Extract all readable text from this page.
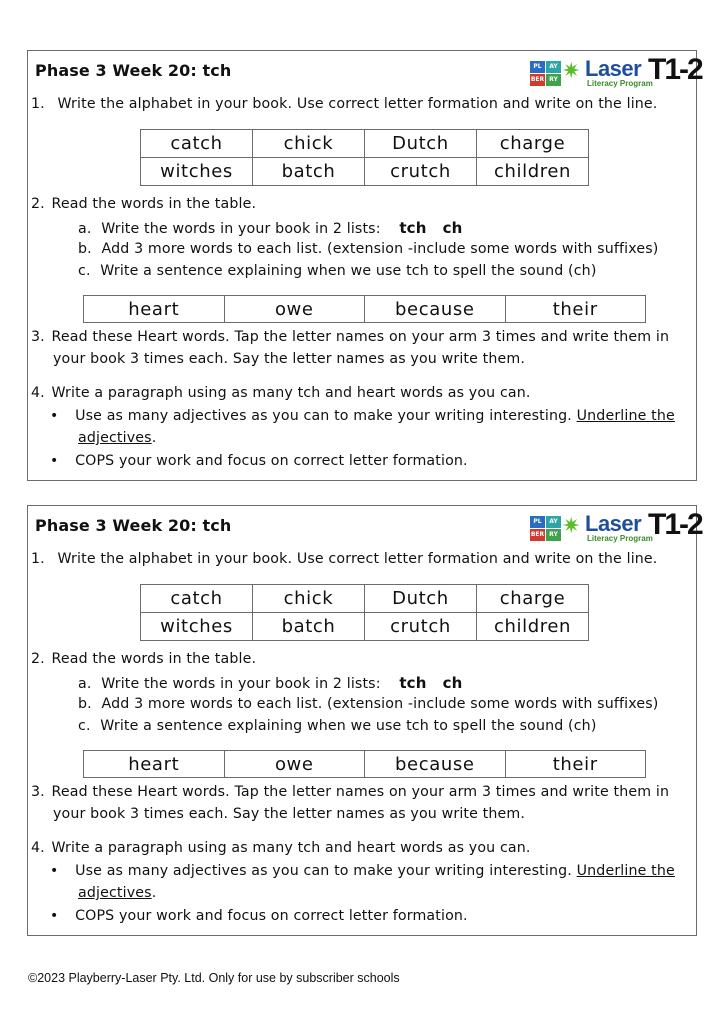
Phase 3 Week 20: tch	PL	AY
BER RY ✷ Laser
Literacy Program
T1-2
1. Write the alphabet in your book. Use correct letter formation and write on the line.
catch	chick	Dutch	charge
witches	batch	crutch	children
2. Read the words in the table.
a. Write the words in your book in 2 lists: tch   ch
b. Add 3 more words to each list. (extension -include some words with suffixes)
c. Write a sentence explaining when we use tch to spell the sound (ch)
heart	owe	because	their
3. Read these Heart words. Tap the letter names on your arm 3 times and write them in
your book 3 times each. Say the letter names as you write them.
4. Write a paragraph using as many tch and heart words as you can.
• Use as many adjectives as you can to make your writing interesting. Underline the
adjectives.
• COPS your work and focus on correct letter formation.
Phase 3 Week 20: tch	PL	AY
BER RY ✷ Laser
Literacy Program
T1-2
1. Write the alphabet in your book. Use correct letter formation and write on the line.
catch	chick	Dutch	charge
witches	batch	crutch	children
2. Read the words in the table.
a. Write the words in your book in 2 lists: tch   ch
b. Add 3 more words to each list. (extension -include some words with suffixes)
c. Write a sentence explaining when we use tch to spell the sound (ch)
heart	owe	because	their
3. Read these Heart words. Tap the letter names on your arm 3 times and write them in
your book 3 times each. Say the letter names as you write them.
4. Write a paragraph using as many tch and heart words as you can.
• Use as many adjectives as you can to make your writing interesting. Underline the
adjectives.
• COPS your work and focus on correct letter formation.
©2023 Playberry-Laser Pty. Ltd. Only for use by subscriber schools
